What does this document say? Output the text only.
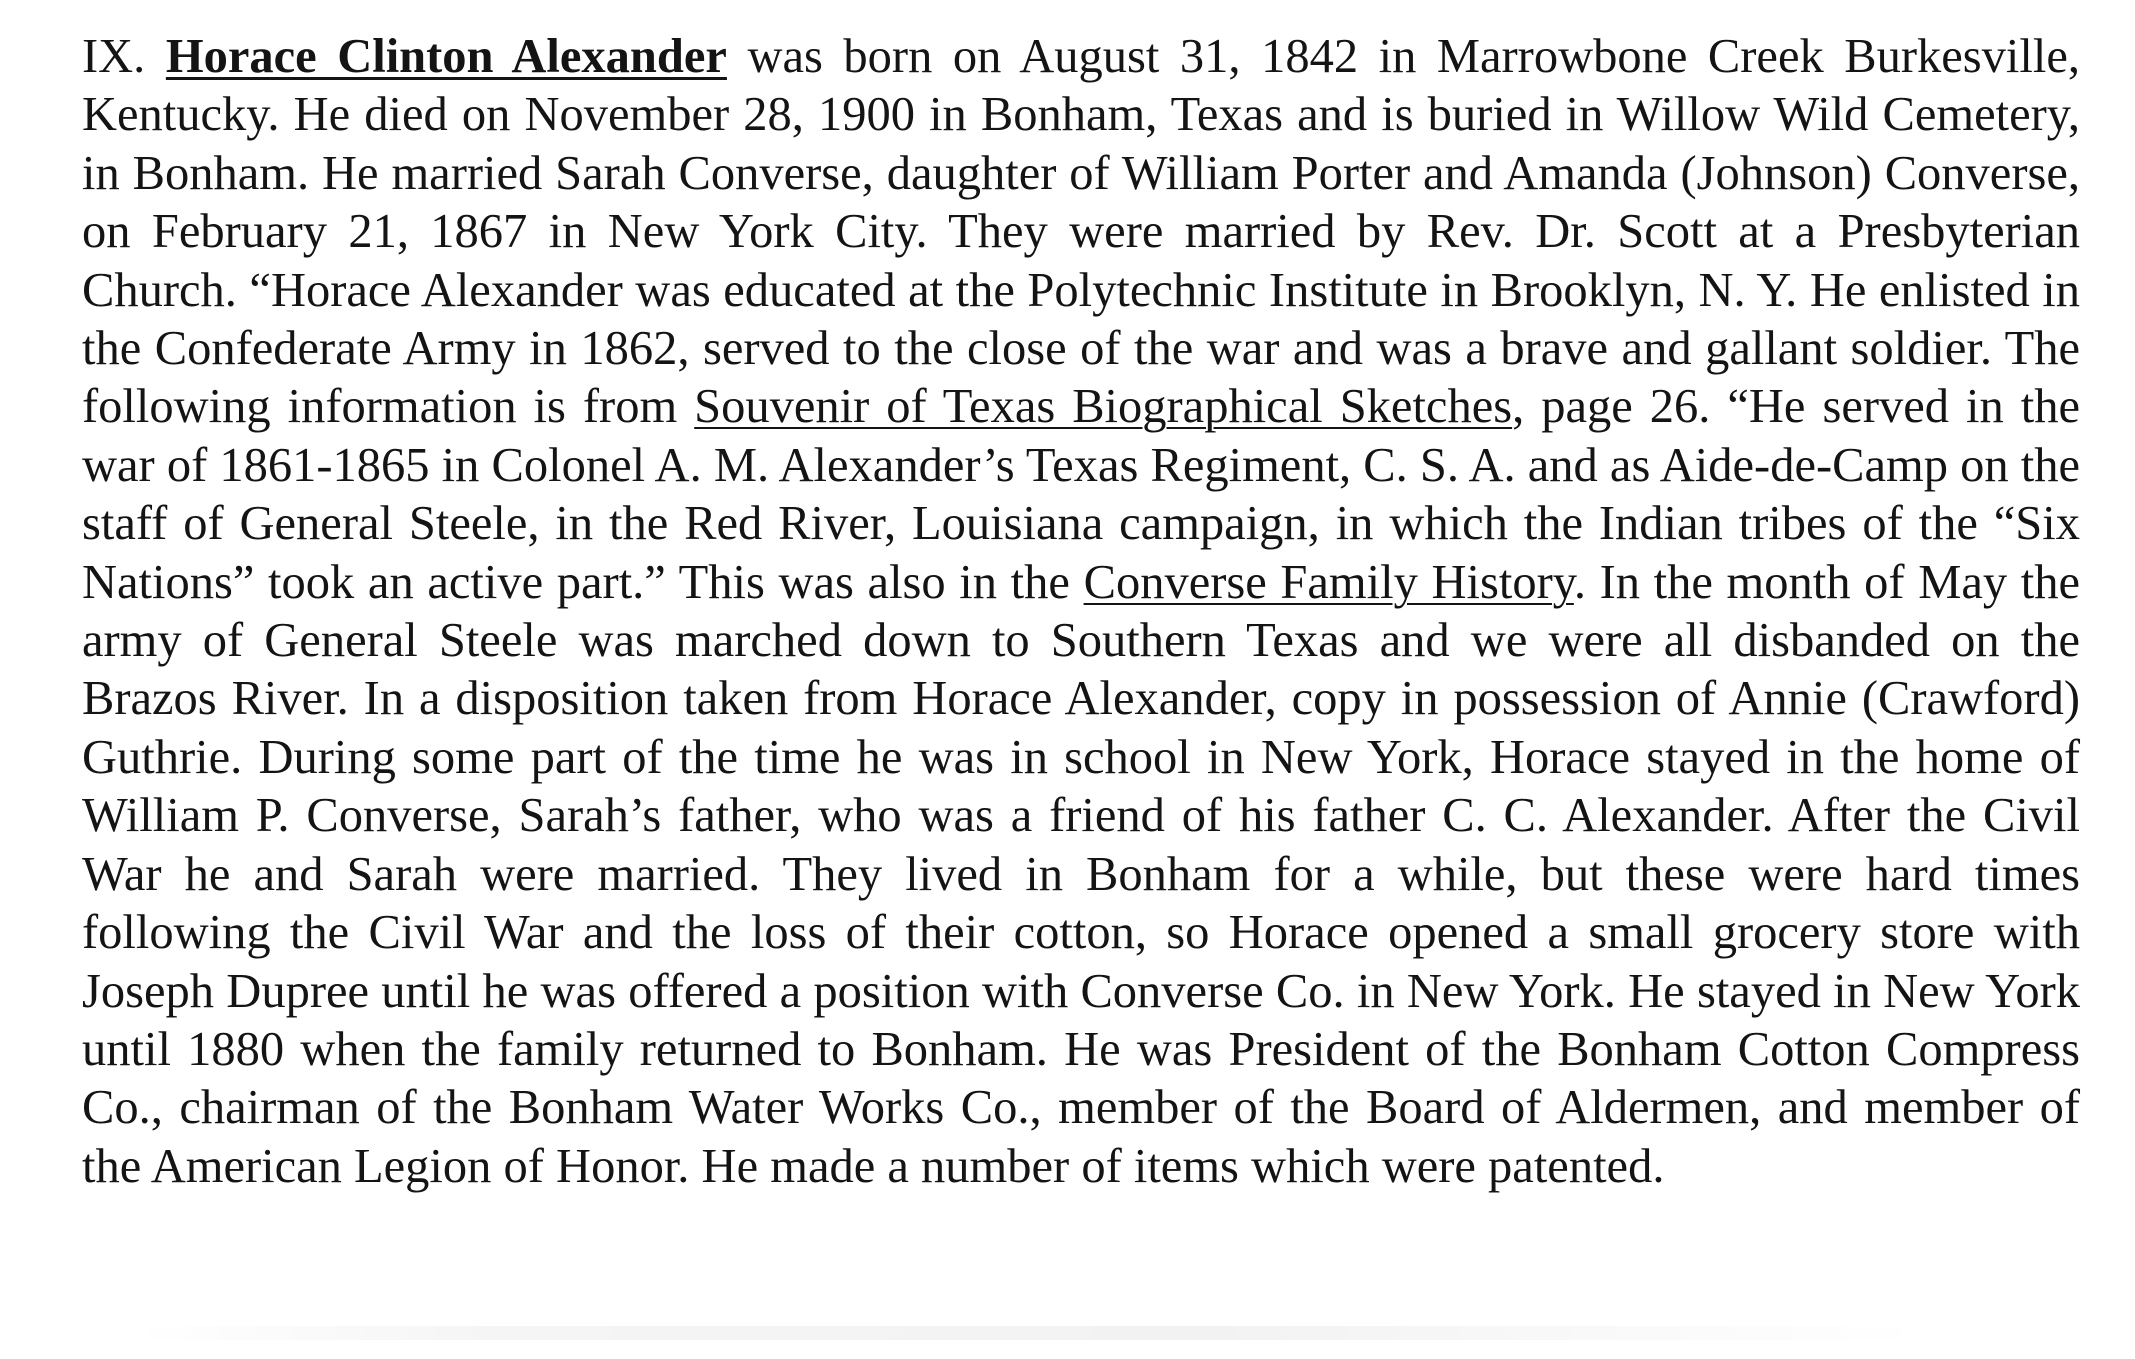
IX. Horace Clinton Alexander was born on August 31, 1842 in Marrowbone Creek Burkesville, Kentucky. He died on November 28, 1900 in Bonham, Texas and is buried in Willow Wild Cemetery, in Bonham. He married Sarah Converse, daughter of William Porter and Amanda (Johnson) Converse, on February 21, 1867 in New York City. They were married by Rev. Dr. Scott at a Presbyterian Church. “Horace Alexander was educated at the Polytechnic Institute in Brooklyn, N. Y. He enlisted in the Confederate Army in 1862, served to the close of the war and was a brave and gallant soldier. The following information is from Souvenir of Texas Biographical Sketches, page 26. “He served in the war of 1861-1865 in Colonel A. M. Alexander’s Texas Regiment, C. S. A. and as Aide-de-Camp on the staff of General Steele, in the Red River, Louisiana campaign, in which the Indian tribes of the “Six Nations” took an active part.” This was also in the Converse Family History. In the month of May the army of General Steele was marched down to Southern Texas and we were all disbanded on the Brazos River. In a disposition taken from Horace Alexander, copy in possession of Annie (Crawford) Guthrie. During some part of the time he was in school in New York, Horace stayed in the home of William P. Converse, Sarah’s father, who was a friend of his father C. C. Alexander. After the Civil War he and Sarah were married. They lived in Bonham for a while, but these were hard times following the Civil War and the loss of their cotton, so Horace opened a small grocery store with Joseph Dupree until he was offered a position with Converse Co. in New York. He stayed in New York until 1880 when the family returned to Bonham. He was President of the Bonham Cotton Compress Co., chairman of the Bonham Water Works Co., member of the Board of Aldermen, and member of the American Legion of Honor. He made a number of items which were patented.
